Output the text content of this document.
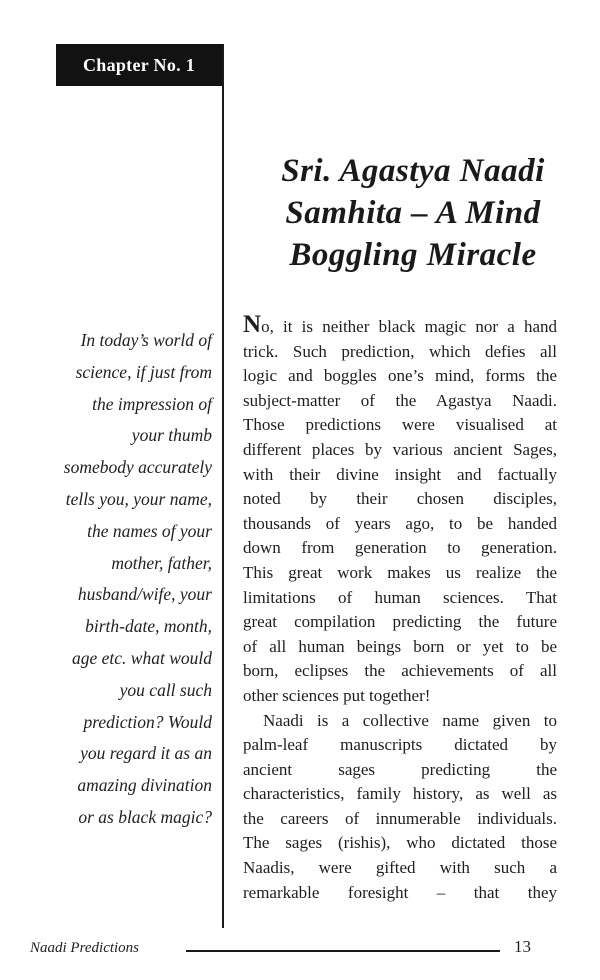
Chapter No. 1
Sri. Agastya Naadi
Samhita – A Mind
Boggling Miracle
In today’s world of
science, if just from
the impression of
your thumb
somebody accurately
tells you, your name,
the names of your
mother, father,
husband/wife, your
birth-date, month,
age etc. what would
you call such
prediction? Would
you regard it as an
amazing divination
or as black magic?
No, it is neither black magic nor a hand
trick. Such prediction, which defies all
logic and boggles one’s mind, forms the
subject-matter of the Agastya Naadi.
Those predictions were visualised at
different places by various ancient Sages,
with their divine insight and factually
noted by their chosen disciples,
thousands of years ago, to be handed
down from generation to generation.
This great work makes us realize the
limitations of human sciences. That
great compilation predicting the future
of all human beings born or yet to be
born, eclipses the achievements of all
other sciences put together!
Naadi is a collective name given to
palm-leaf manuscripts dictated by
ancient sages predicting the
characteristics, family history, as well as
the careers of innumerable individuals.
The sages (rishis), who dictated those
Naadis, were gifted with such a
remarkable foresight – that they
Naadi Predictions	13
